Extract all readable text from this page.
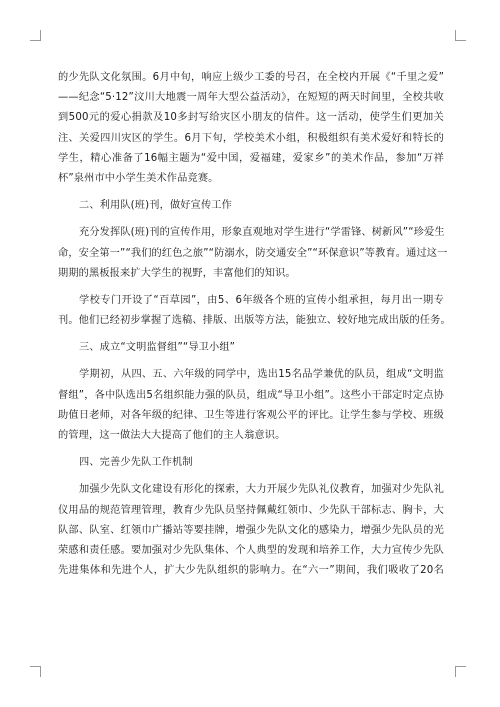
的少先队文化氛围。6月中旬，响应上级少工委的号召，在全校内开展《“千里之爱”
——纪念“5·12”汶川大地震一周年大型公益活动》，在短短的两天时间里，全校共收
到500元的爱心捐款及10多封写给灾区小朋友的信件。这一活动，使学生们更加关
注、关爱四川灾区的学生。6月下旬，学校美术小组，积极组织有美术爱好和特长的
学生，精心准备了16幅主题为“爱中国，爱福建，爱家乡”的美术作品，参加“万祥
杯”泉州市中小学生美术作品竞赛。
二、利用队(班)刊，做好宣传工作
充分发挥队(班)刊的宣传作用，形象直观地对学生进行“学雷锋、树新风”“珍爱生
命，安全第一”“我们的红色之旅”“防溺水，防交通安全”“环保意识”等教育。通过这一
期期的黑板报来扩大学生的视野，丰富他们的知识。
学校专门开设了“百草园”，由5、6年级各个班的宣传小组承担，每月出一期专
刊。他们已经初步掌握了选稿、排版、出版等方法，能独立、较好地完成出版的任务。
三、成立“文明监督组”“导卫小组”
学期初，从四、五、六年级的同学中，选出15名品学兼优的队员，组成“文明监
督组”，各中队选出5名组织能力强的队员，组成“导卫小组”。这些小干部定时定点协
助值日老师，对各年级的纪律、卫生等进行客观公平的评比。让学生参与学校、班级
的管理，这一做法大大提高了他们的主人翁意识。
四、完善少先队工作机制
加强少先队文化建设有形化的探索，大力开展少先队礼仪教育，加强对少先队礼
仪用品的规范管理管理，教育少先队员坚持佩戴红领巾、少先队干部标志、胸卡，大
队部、队室、红领巾广播站等要挂牌，增强少先队文化的感染力，增强少先队员的光
荣感和责任感。要加强对少先队集体、个人典型的发现和培养工作，大力宣传少先队
先进集体和先进个人，扩大少先队组织的影响力。在“六一”期间，我们吸收了20名
